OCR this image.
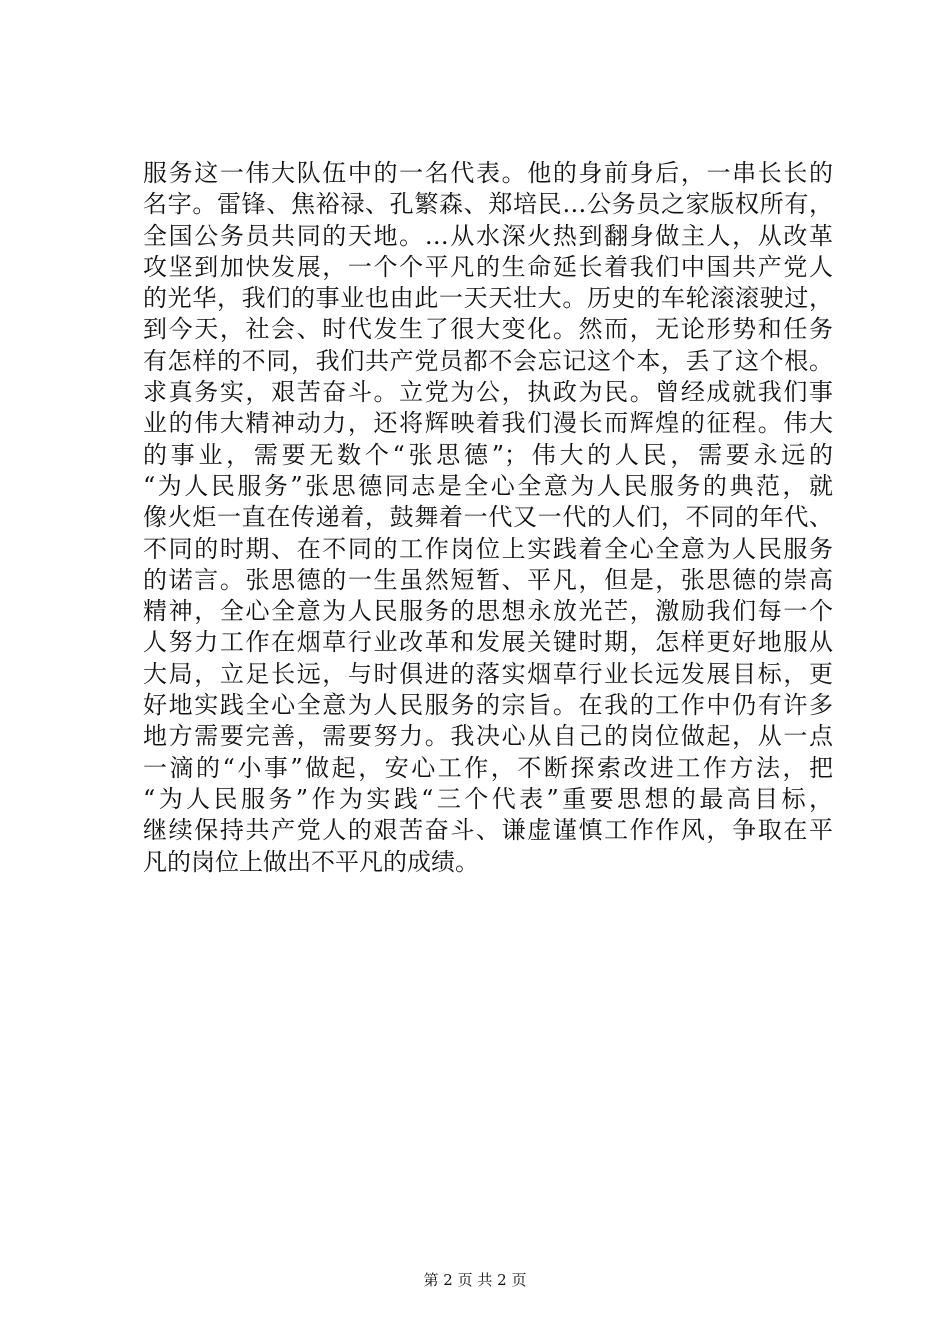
服务这一伟大队伍中的一名代表。他的身前身后，一串长长的
名字。雷锋、焦裕禄、孔繁森、郑培民…公务员之家版权所有，
全国公务员共同的天地。…从水深火热到翻身做主人，从改革
攻坚到加快发展，一个个平凡的生命延长着我们中国共产党人
的光华，我们的事业也由此一天天壮大。历史的车轮滚滚驶过，
到今天，社会、时代发生了很大变化。然而，无论形势和任务
有怎样的不同，我们共产党员都不会忘记这个本，丢了这个根。
求真务实，艰苦奋斗。立党为公，执政为民。曾经成就我们事
业的伟大精神动力，还将辉映着我们漫长而辉煌的征程。伟大
的事业，需要无数个“张思德”；伟大的人民，需要永远的
“为人民服务”张思德同志是全心全意为人民服务的典范，就
像火炬一直在传递着，鼓舞着一代又一代的人们，不同的年代、
不同的时期、在不同的工作岗位上实践着全心全意为人民服务
的诺言。张思德的一生虽然短暂、平凡，但是，张思德的崇高
精神，全心全意为人民服务的思想永放光芒，激励我们每一个
人努力工作在烟草行业改革和发展关键时期，怎样更好地服从
大局，立足长远，与时俱进的落实烟草行业长远发展目标，更
好地实践全心全意为人民服务的宗旨。在我的工作中仍有许多
地方需要完善，需要努力。我决心从自己的岗位做起，从一点
一滴的“小事”做起，安心工作，不断探索改进工作方法，把
“为人民服务”作为实践“三个代表”重要思想的最高目标，
继续保持共产党人的艰苦奋斗、谦虚谨慎工作作风，争取在平
凡的岗位上做出不平凡的成绩。
第 2 页 共 2 页
